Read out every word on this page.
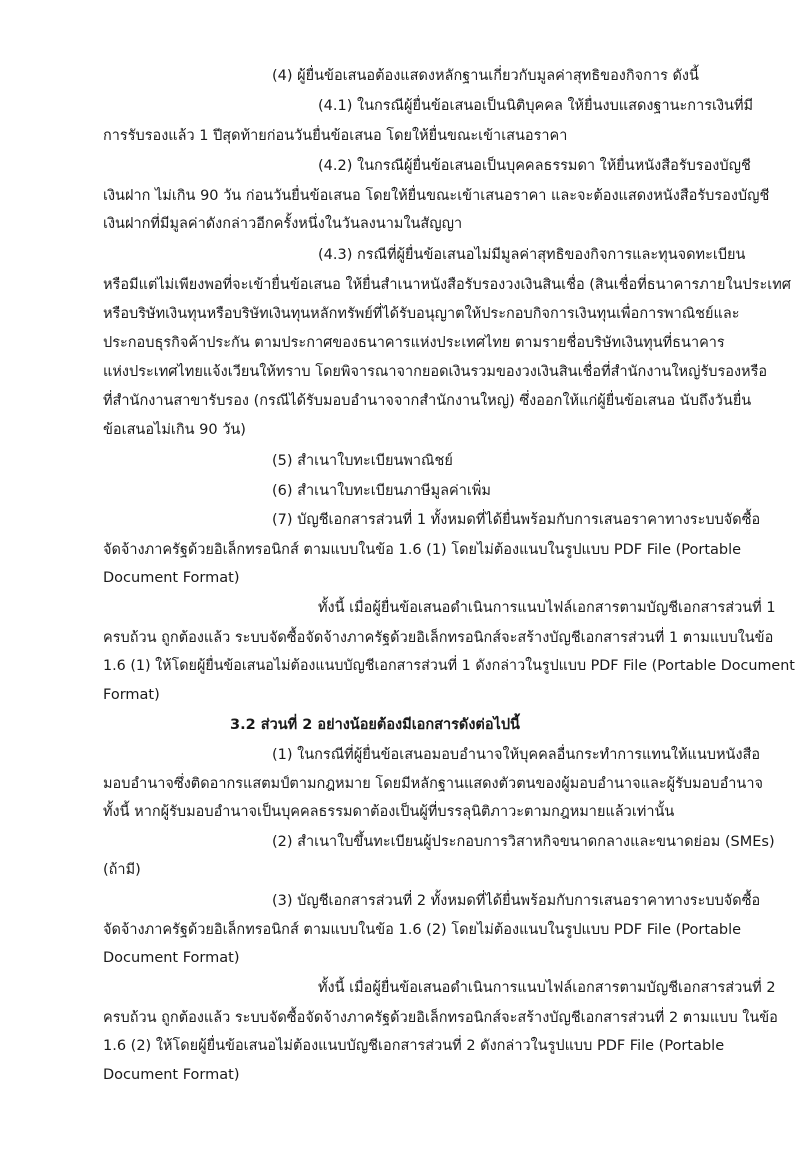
(4) ผู้ยื่นข้อเสนอต้องแสดงหลักฐานเกี่ยวกับมูลค่าสุทธิของกิจการ ดังนี้
(4.1) ในกรณีผู้ยื่นข้อเสนอเป็นนิติบุคคล ให้ยื่นงบแสดงฐานะการเงินที่มี
การรับรองแล้ว 1 ปีสุดท้ายก่อนวันยื่นข้อเสนอ โดยให้ยื่นขณะเข้าเสนอราคา
(4.2) ในกรณีผู้ยื่นข้อเสนอเป็นบุคคลธรรมดา ให้ยื่นหนังสือรับรองบัญชี
เงินฝาก ไม่เกิน 90 วัน ก่อนวันยื่นข้อเสนอ โดยให้ยื่นขณะเข้าเสนอราคา และจะต้องแสดงหนังสือรับรองบัญชี
เงินฝากที่มีมูลค่าดังกล่าวอีกครั้งหนึ่งในวันลงนามในสัญญา
(4.3) กรณีที่ผู้ยื่นข้อเสนอไม่มีมูลค่าสุทธิของกิจการและทุนจดทะเบียน
หรือมีแต่ไม่เพียงพอที่จะเข้ายื่นข้อเสนอ ให้ยื่นสำเนาหนังสือรับรองวงเงินสินเชื่อ (สินเชื่อที่ธนาคารภายในประเทศ
หรือบริษัทเงินทุนหรือบริษัทเงินทุนหลักทรัพย์ที่ได้รับอนุญาตให้ประกอบกิจการเงินทุนเพื่อการพาณิชย์และ
ประกอบธุรกิจค้าประกัน ตามประกาศของธนาคารแห่งประเทศไทย ตามรายชื่อบริษัทเงินทุนที่ธนาคาร
แห่งประเทศไทยแจ้งเวียนให้ทราบ โดยพิจารณาจากยอดเงินรวมของวงเงินสินเชื่อที่สำนักงานใหญ่รับรองหรือ
ที่สำนักงานสาขารับรอง (กรณีได้รับมอบอำนาจจากสำนักงานใหญ่) ซึ่งออกให้แก่ผู้ยื่นข้อเสนอ นับถึงวันยื่น
ข้อเสนอไม่เกิน 90 วัน)
(5) สำเนาใบทะเบียนพาณิชย์
(6) สำเนาใบทะเบียนภาษีมูลค่าเพิ่ม
(7) บัญชีเอกสารส่วนที่ 1 ทั้งหมดที่ได้ยื่นพร้อมกับการเสนอราคาทางระบบจัดซื้อ
จัดจ้างภาครัฐด้วยอิเล็กทรอนิกส์ ตามแบบในข้อ 1.6 (1) โดยไม่ต้องแนบในรูปแบบ PDF File (Portable
Document Format)
ทั้งนี้ เมื่อผู้ยื่นข้อเสนอดำเนินการแนบไฟล์เอกสารตามบัญชีเอกสารส่วนที่ 1
ครบถ้วน ถูกต้องแล้ว ระบบจัดซื้อจัดจ้างภาครัฐด้วยอิเล็กทรอนิกส์จะสร้างบัญชีเอกสารส่วนที่ 1 ตามแบบในข้อ
1.6 (1) ให้โดยผู้ยื่นข้อเสนอไม่ต้องแนบบัญชีเอกสารส่วนที่ 1 ดังกล่าวในรูปแบบ PDF File (Portable Document
Format)
3.2 ส่วนที่ 2 อย่างน้อยต้องมีเอกสารดังต่อไปนี้
(1) ในกรณีที่ผู้ยื่นข้อเสนอมอบอำนาจให้บุคคลอื่นกระทำการแทนให้แนบหนังสือ
มอบอำนาจซึ่งติดอากรแสตมป์ตามกฎหมาย โดยมีหลักฐานแสดงตัวตนของผู้มอบอำนาจและผู้รับมอบอำนาจ
ทั้งนี้ หากผู้รับมอบอำนาจเป็นบุคคลธรรมดาต้องเป็นผู้ที่บรรลุนิติภาวะตามกฎหมายแล้วเท่านั้น
(2) สำเนาใบขึ้นทะเบียนผู้ประกอบการวิสาหกิจขนาดกลางและขนาดย่อม (SMEs)
(ถ้ามี)
(3) บัญชีเอกสารส่วนที่ 2 ทั้งหมดที่ได้ยื่นพร้อมกับการเสนอราคาทางระบบจัดซื้อ
จัดจ้างภาครัฐด้วยอิเล็กทรอนิกส์ ตามแบบในข้อ 1.6 (2) โดยไม่ต้องแนบในรูปแบบ PDF File (Portable
Document Format)
ทั้งนี้ เมื่อผู้ยื่นข้อเสนอดำเนินการแนบไฟล์เอกสารตามบัญชีเอกสารส่วนที่ 2
ครบถ้วน ถูกต้องแล้ว ระบบจัดซื้อจัดจ้างภาครัฐด้วยอิเล็กทรอนิกส์จะสร้างบัญชีเอกสารส่วนที่ 2 ตามแบบ ในข้อ
1.6 (2) ให้โดยผู้ยื่นข้อเสนอไม่ต้องแนบบัญชีเอกสารส่วนที่ 2 ดังกล่าวในรูปแบบ PDF File (Portable
Document Format)
